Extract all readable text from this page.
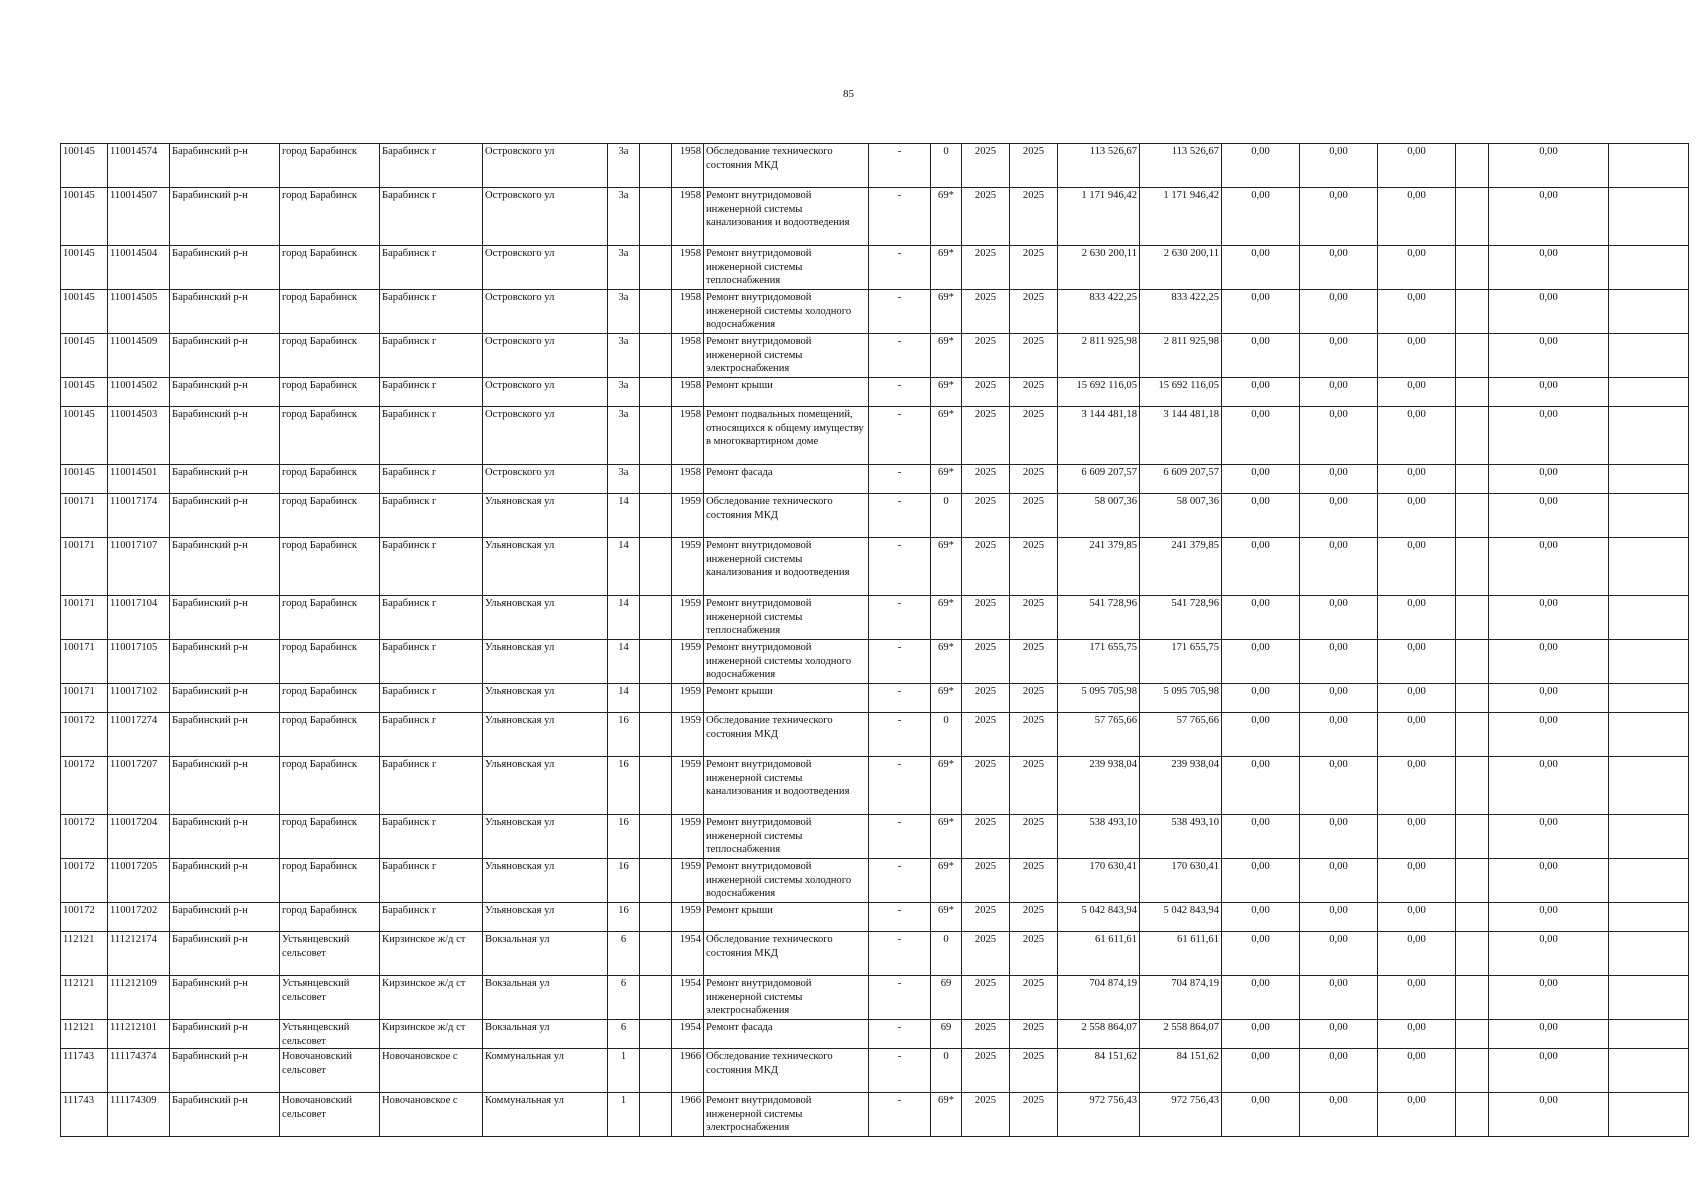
85
100145	110014574	Барабинский р-н	город Барабинск	Барабинск г	Островского ул	3а		1958	Обследование технического состояния МКД	-	0	2025	2025	113 526,67	113 526,67	0,00	0,00	0,00		0,00	
100145	110014507	Барабинский р-н	город Барабинск	Барабинск г	Островского ул	3а		1958	Ремонт внутридомовой инженерной системы канализования и водоотведения	-	69*	2025	2025	1 171 946,42	1 171 946,42	0,00	0,00	0,00		0,00	
100145	110014504	Барабинский р-н	город Барабинск	Барабинск г	Островского ул	3а		1958	Ремонт внутридомовой инженерной системы теплоснабжения	-	69*	2025	2025	2 630 200,11	2 630 200,11	0,00	0,00	0,00		0,00	
100145	110014505	Барабинский р-н	город Барабинск	Барабинск г	Островского ул	3а		1958	Ремонт внутридомовой инженерной системы холодного водоснабжения	-	69*	2025	2025	833 422,25	833 422,25	0,00	0,00	0,00		0,00	
100145	110014509	Барабинский р-н	город Барабинск	Барабинск г	Островского ул	3а		1958	Ремонт внутридомовой инженерной системы электроснабжения	-	69*	2025	2025	2 811 925,98	2 811 925,98	0,00	0,00	0,00		0,00	
100145	110014502	Барабинский р-н	город Барабинск	Барабинск г	Островского ул	3а		1958	Ремонт крыши	-	69*	2025	2025	15 692 116,05	15 692 116,05	0,00	0,00	0,00		0,00	
100145	110014503	Барабинский р-н	город Барабинск	Барабинск г	Островского ул	3а		1958	Ремонт подвальных помещений, относящихся к общему имуществу в многоквартирном доме	-	69*	2025	2025	3 144 481,18	3 144 481,18	0,00	0,00	0,00		0,00	
100145	110014501	Барабинский р-н	город Барабинск	Барабинск г	Островского ул	3а		1958	Ремонт фасада	-	69*	2025	2025	6 609 207,57	6 609 207,57	0,00	0,00	0,00		0,00	
100171	110017174	Барабинский р-н	город Барабинск	Барабинск г	Ульяновская ул	14		1959	Обследование технического состояния МКД	-	0	2025	2025	58 007,36	58 007,36	0,00	0,00	0,00		0,00	
100171	110017107	Барабинский р-н	город Барабинск	Барабинск г	Ульяновская ул	14		1959	Ремонт внутридомовой инженерной системы канализования и водоотведения	-	69*	2025	2025	241 379,85	241 379,85	0,00	0,00	0,00		0,00	
100171	110017104	Барабинский р-н	город Барабинск	Барабинск г	Ульяновская ул	14		1959	Ремонт внутридомовой инженерной системы теплоснабжения	-	69*	2025	2025	541 728,96	541 728,96	0,00	0,00	0,00		0,00	
100171	110017105	Барабинский р-н	город Барабинск	Барабинск г	Ульяновская ул	14		1959	Ремонт внутридомовой инженерной системы холодного водоснабжения	-	69*	2025	2025	171 655,75	171 655,75	0,00	0,00	0,00		0,00	
100171	110017102	Барабинский р-н	город Барабинск	Барабинск г	Ульяновская ул	14		1959	Ремонт крыши	-	69*	2025	2025	5 095 705,98	5 095 705,98	0,00	0,00	0,00		0,00	
100172	110017274	Барабинский р-н	город Барабинск	Барабинск г	Ульяновская ул	16		1959	Обследование технического состояния МКД	-	0	2025	2025	57 765,66	57 765,66	0,00	0,00	0,00		0,00	
100172	110017207	Барабинский р-н	город Барабинск	Барабинск г	Ульяновская ул	16		1959	Ремонт внутридомовой инженерной системы канализования и водоотведения	-	69*	2025	2025	239 938,04	239 938,04	0,00	0,00	0,00		0,00	
100172	110017204	Барабинский р-н	город Барабинск	Барабинск г	Ульяновская ул	16		1959	Ремонт внутридомовой инженерной системы теплоснабжения	-	69*	2025	2025	538 493,10	538 493,10	0,00	0,00	0,00		0,00	
100172	110017205	Барабинский р-н	город Барабинск	Барабинск г	Ульяновская ул	16		1959	Ремонт внутридомовой инженерной системы холодного водоснабжения	-	69*	2025	2025	170 630,41	170 630,41	0,00	0,00	0,00		0,00	
100172	110017202	Барабинский р-н	город Барабинск	Барабинск г	Ульяновская ул	16		1959	Ремонт крыши	-	69*	2025	2025	5 042 843,94	5 042 843,94	0,00	0,00	0,00		0,00	
112121	111212174	Барабинский р-н	Устьянцевский сельсовет	Кирзинское ж/д ст	Вокзальная ул	6		1954	Обследование технического состояния МКД	-	0	2025	2025	61 611,61	61 611,61	0,00	0,00	0,00		0,00	
112121	111212109	Барабинский р-н	Устьянцевский сельсовет	Кирзинское ж/д ст	Вокзальная ул	6		1954	Ремонт внутридомовой инженерной системы электроснабжения	-	69	2025	2025	704 874,19	704 874,19	0,00	0,00	0,00		0,00	
112121	111212101	Барабинский р-н	Устьянцевский сельсовет	Кирзинское ж/д ст	Вокзальная ул	6		1954	Ремонт фасада	-	69	2025	2025	2 558 864,07	2 558 864,07	0,00	0,00	0,00		0,00	
111743	111174374	Барабинский р-н	Новочановский сельсовет	Новочановское с	Коммунальная ул	1		1966	Обследование технического состояния МКД	-	0	2025	2025	84 151,62	84 151,62	0,00	0,00	0,00		0,00	
111743	111174309	Барабинский р-н	Новочановский сельсовет	Новочановское с	Коммунальная ул	1		1966	Ремонт внутридомовой инженерной системы электроснабжения	-	69*	2025	2025	972 756,43	972 756,43	0,00	0,00	0,00		0,00	
